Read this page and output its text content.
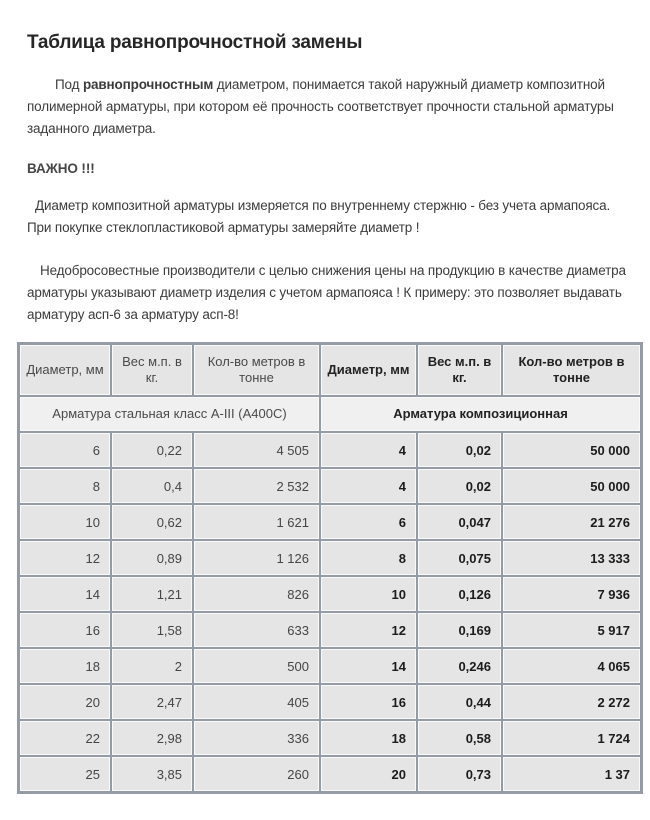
Таблица равнопрочностной замены

Под равнопрочностным диаметром, понимается такой наружный диаметр композитной полимерной арматуры, при котором её прочность соответствует прочности стальной арматуры заданного диаметра.

ВАЖНО !!!

Диаметр композитной арматуры измеряется по внутреннему стержню - без учета армапояса. При покупке стеклопластиковой арматуры замеряйте диаметр !

Недобросовестные производители с целью снижения цены на продукцию в качестве диаметра арматуры указывают диаметр изделия с учетом армапояса ! К примеру: это позволяет выдавать арматуру асп-6 за арматуру асп-8!

Диаметр, мм	Вес м.п. в кг.	Кол-во метров в тонне	Диаметр, мм	Вес м.п. в кг.	Кол-во метров в тонне
Арматура стальная класс А-III (А400С)			Арматура композиционная		
6	0,22	4 505	4	0,02	50 000
8	0,4	2 532	4	0,02	50 000
10	0,62	1 621	6	0,047	21 276
12	0,89	1 126	8	0,075	13 333
14	1,21	826	10	0,126	7 936
16	1,58	633	12	0,169	5 917
18	2	500	14	0,246	4 065
20	2,47	405	16	0,44	2 272
22	2,98	336	18	0,58	1 724
25	3,85	260	20	0,73	1 37
